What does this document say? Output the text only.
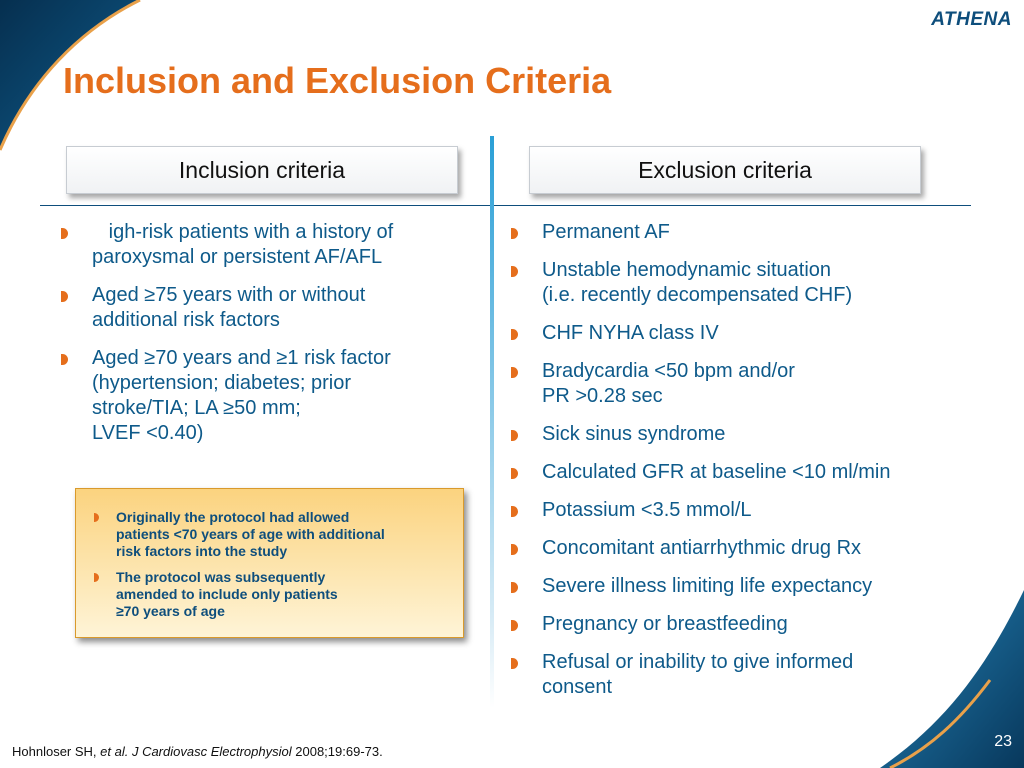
ATHENA
Inclusion and Exclusion Criteria
Inclusion criteria	Exclusion criteria
igh-risk patients with a history of
paroxysmal or persistent AF/AFL
Aged ≥75 years with or without
additional risk factors
Aged ≥70 years and ≥1 risk factor
(hypertension; diabetes; prior
stroke/TIA; LA ≥50 mm;
LVEF <0.40)
Permanent AF
Unstable hemodynamic situation
(i.e. recently decompensated CHF)
CHF NYHA class IV
Bradycardia <50 bpm and/or
PR >0.28 sec
Sick sinus syndrome
Calculated GFR at baseline <10 ml/min
Potassium <3.5 mmol/L
Concomitant antiarrhythmic drug Rx
Severe illness limiting life expectancy
Pregnancy or breastfeeding
Refusal or inability to give informed
consent
Originally the protocol had allowed
patients <70 years of age with additional
risk factors into the study
The protocol was subsequently
amended to include only patients
≥70 years of age
Hohnloser SH, et al. J Cardiovasc Electrophysiol 2008;19:69-73.
23
